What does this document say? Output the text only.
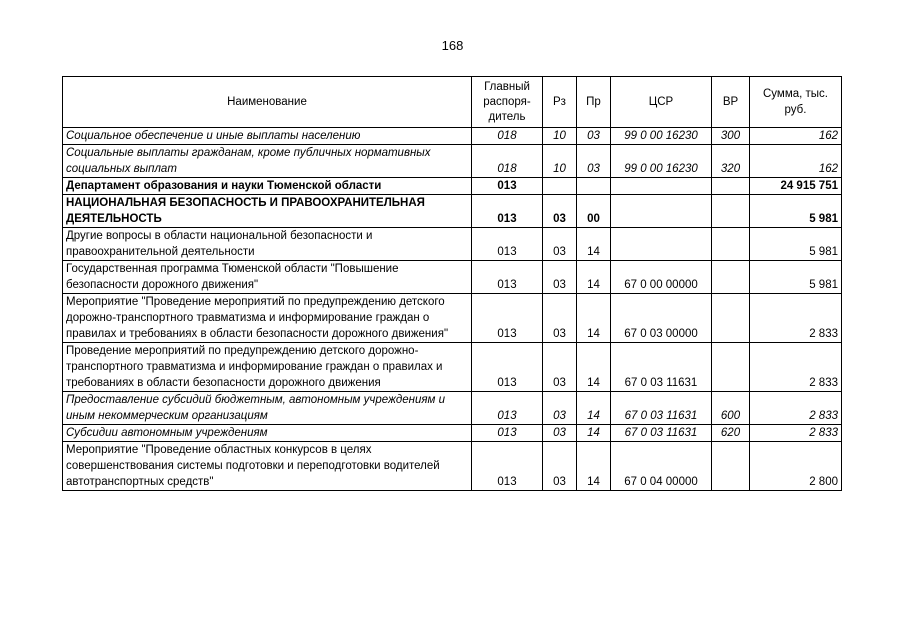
168
Наименование	Главный распоря-дитель	Рз	Пр	ЦСР	ВР	Сумма, тыс. руб.
Социальное обеспечение и иные выплаты населению	018	10	03	99 0 00 16230	300	162
Социальные выплаты гражданам, кроме публичных нормативных социальных выплат	018	10	03	99 0 00 16230	320	162
Департамент образования и науки Тюменской области	013					24 915 751
НАЦИОНАЛЬНАЯ БЕЗОПАСНОСТЬ И ПРАВООХРАНИТЕЛЬНАЯ ДЕЯТЕЛЬНОСТЬ	013	03	00			5 981
Другие вопросы в области национальной безопасности и правоохранительной деятельности	013	03	14			5 981
Государственная программа Тюменской области "Повышение безопасности дорожного движения"	013	03	14	67 0 00 00000		5 981
Мероприятие "Проведение мероприятий по предупреждению детского дорожно-транспортного травматизма и информирование граждан о правилах и требованиях в области безопасности дорожного движения"	013	03	14	67 0 03 00000		2 833
Проведение мероприятий по предупреждению детского дорожно-транспортного травматизма и информирование граждан о правилах и требованиях в области безопасности дорожного движения	013	03	14	67 0 03 11631		2 833
Предоставление субсидий бюджетным, автономным учреждениям и иным некоммерческим организациям	013	03	14	67 0 03 11631	600	2 833
Субсидии автономным учреждениям	013	03	14	67 0 03 11631	620	2 833
Мероприятие "Проведение областных конкурсов в целях совершенствования системы подготовки и переподготовки водителей автотранспортных средств"	013	03	14	67 0 04 00000		2 800
